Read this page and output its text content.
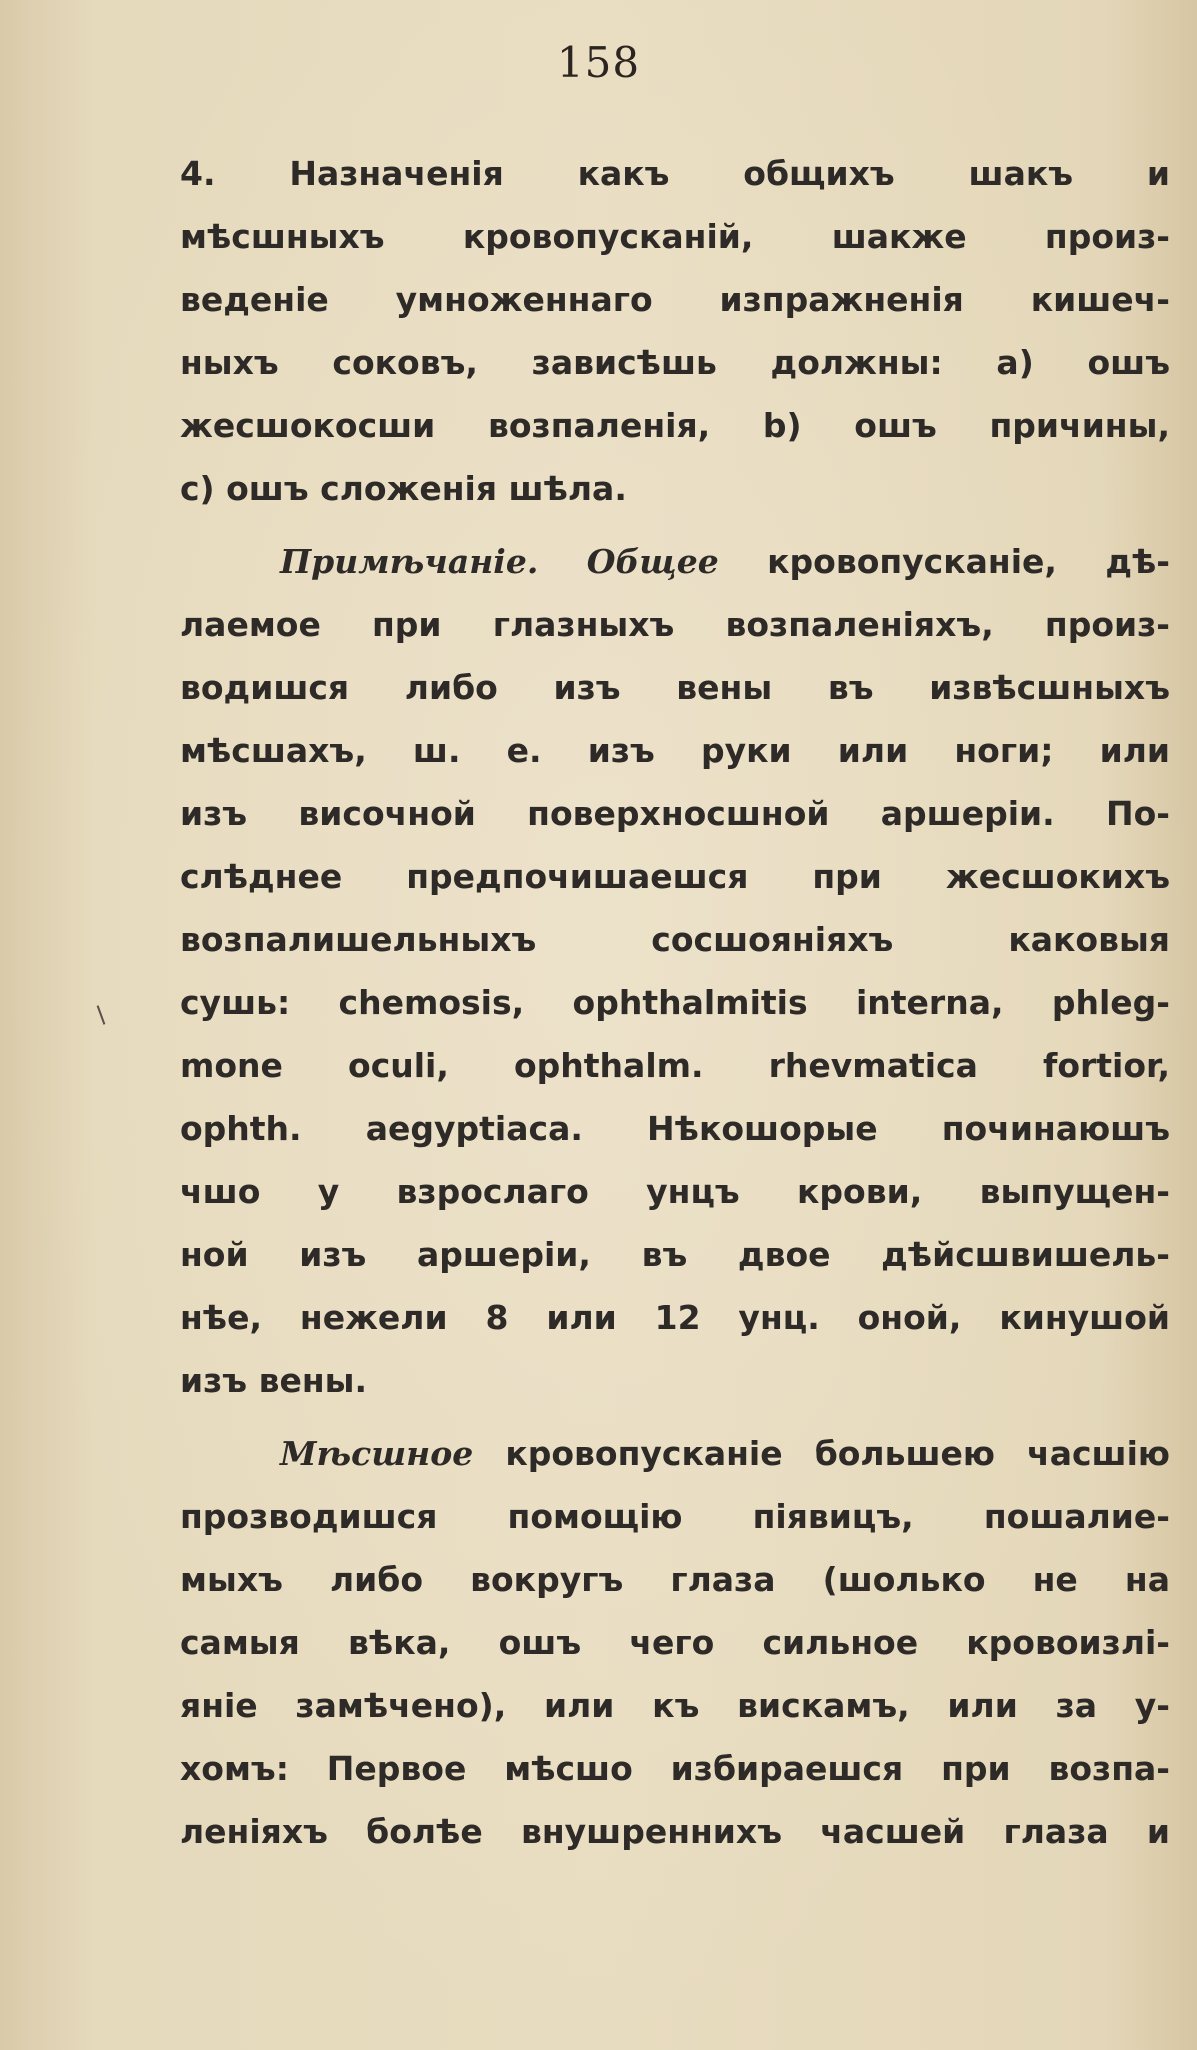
158
4. Назначенія какъ общихъ шакъ и
мѣсшныхъ кровопусканій, шакже произ-
веденіе умноженнаго изпражненія кишеч-
ныхъ соковъ, зависѣшь должны: а) ошъ
жесшокосши возпаленія, b) ошъ причины,
с) ошъ сложенія шѣла.
Примѣчаніе. Общее кровопусканіе, дѣ-
лаемое при глазныхъ возпаленіяхъ, произ-
водишся либо изъ вены въ извѣсшныхъ
мѣсшахъ, ш. е. изъ руки или ноги; или
изъ височной поверхносшной аршеріи. По-
слѣднее предпочишаешся при жесшокихъ
возпалишельныхъ сосшояніяхъ каковыя
сушь: chemosis, ophthalmitis interna, phleg-
mone oculi, ophthalm. rhevmatica fortior,
ophth. aegyptiaca. Нѣкошорые починаюшъ
чшо у взрослаго унцъ крови, выпущен-
ной изъ аршеріи, въ двое дѣйсшвишель-
нѣе, нежели 8 или 12 унц. оной, кинушой
изъ вены.
Мѣсшное кровопусканіе большею часшію
прозводишся помощію піявицъ, пошалие-
мыхъ либо вокругъ глаза (шолько не на
самыя вѣка, ошъ чего сильное кровоизлі-
яніе замѣчено), или къ вискамъ, или за у-
хомъ: Первое мѣсшо избираешся при возпа-
леніяхъ болѣе внушреннихъ часшей глаза и
